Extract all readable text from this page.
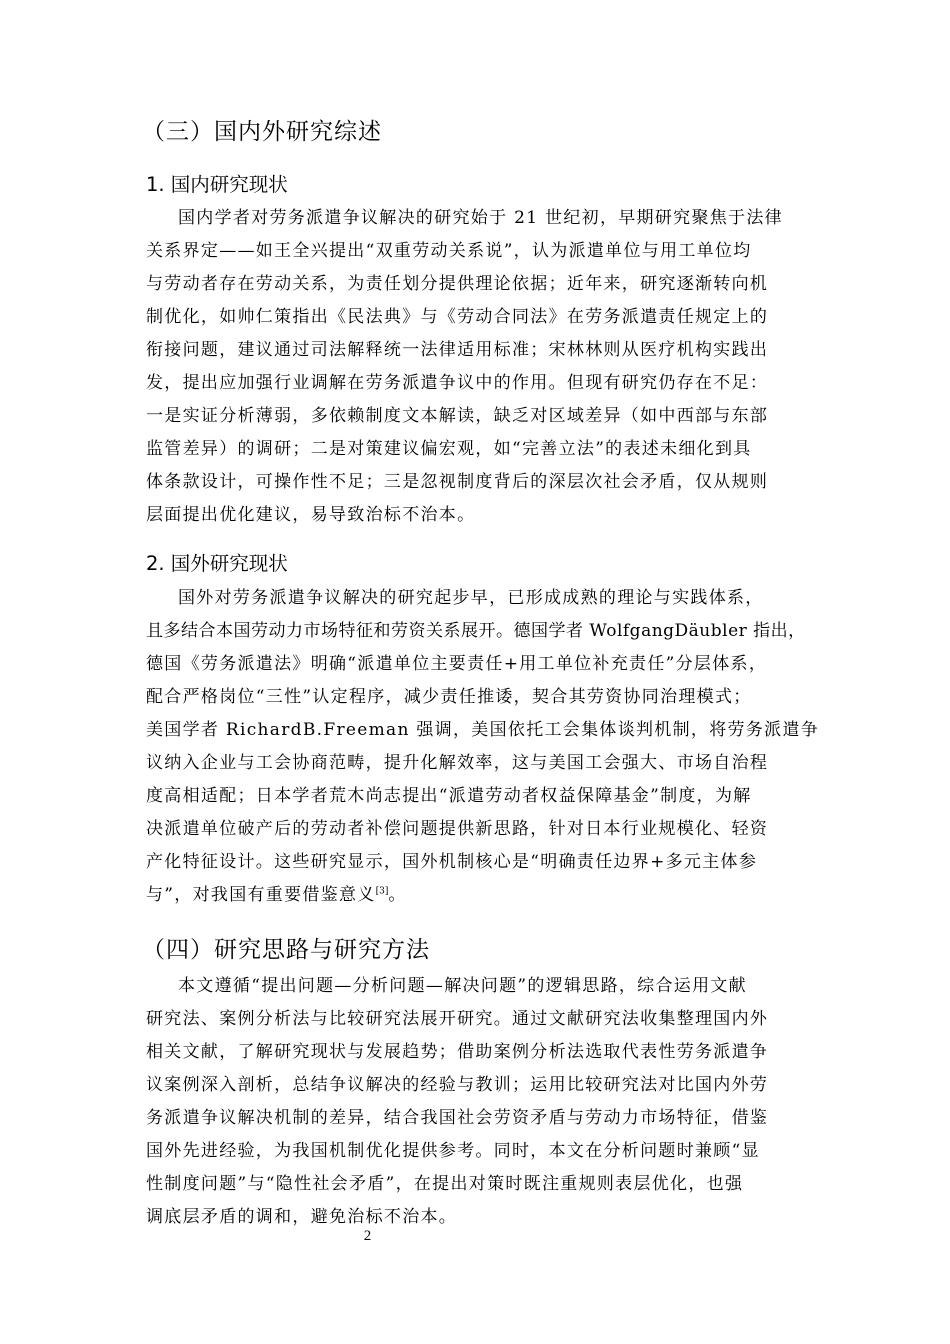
（三）国内外研究综述
1. 国内研究现状
国内学者对劳务派遣争议解决的研究始于 21 世纪初，早期研究聚焦于法律
关系界定——如王全兴提出“双重劳动关系说”，认为派遣单位与用工单位均
与劳动者存在劳动关系，为责任划分提供理论依据；近年来，研究逐渐转向机
制优化，如帅仁策指出《民法典》与《劳动合同法》在劳务派遣责任规定上的
衔接问题，建议通过司法解释统一法律适用标准；宋林林则从医疗机构实践出
发，提出应加强行业调解在劳务派遣争议中的作用。但现有研究仍存在不足：
一是实证分析薄弱，多依赖制度文本解读，缺乏对区域差异（如中西部与东部
监管差异）的调研；二是对策建议偏宏观，如“完善立法”的表述未细化到具
体条款设计，可操作性不足；三是忽视制度背后的深层次社会矛盾，仅从规则
层面提出优化建议，易导致治标不治本。
2. 国外研究现状
国外对劳务派遣争议解决的研究起步早，已形成成熟的理论与实践体系，
且多结合本国劳动力市场特征和劳资关系展开。德国学者 WolfgangDäubler 指出，
德国《劳务派遣法》明确“派遣单位主要责任+用工单位补充责任”分层体系，
配合严格岗位“三性”认定程序，减少责任推诿，契合其劳资协同治理模式；
美国学者 RichardB.Freeman 强调，美国依托工会集体谈判机制，将劳务派遣争
议纳入企业与工会协商范畴，提升化解效率，这与美国工会强大、市场自治程
度高相适配；日本学者荒木尚志提出“派遣劳动者权益保障基金”制度，为解
决派遣单位破产后的劳动者补偿问题提供新思路，针对日本行业规模化、轻资
产化特征设计。这些研究显示，国外机制核心是“明确责任边界+多元主体参
与”，对我国有重要借鉴意义[3]。
（四）研究思路与研究方法
本文遵循“提出问题—分析问题—解决问题”的逻辑思路，综合运用文献
研究法、案例分析法与比较研究法展开研究。通过文献研究法收集整理国内外
相关文献，了解研究现状与发展趋势；借助案例分析法选取代表性劳务派遣争
议案例深入剖析，总结争议解决的经验与教训；运用比较研究法对比国内外劳
务派遣争议解决机制的差异，结合我国社会劳资矛盾与劳动力市场特征，借鉴
国外先进经验，为我国机制优化提供参考。同时，本文在分析问题时兼顾“显
性制度问题”与“隐性社会矛盾”，在提出对策时既注重规则表层优化，也强
调底层矛盾的调和，避免治标不治本。
2
